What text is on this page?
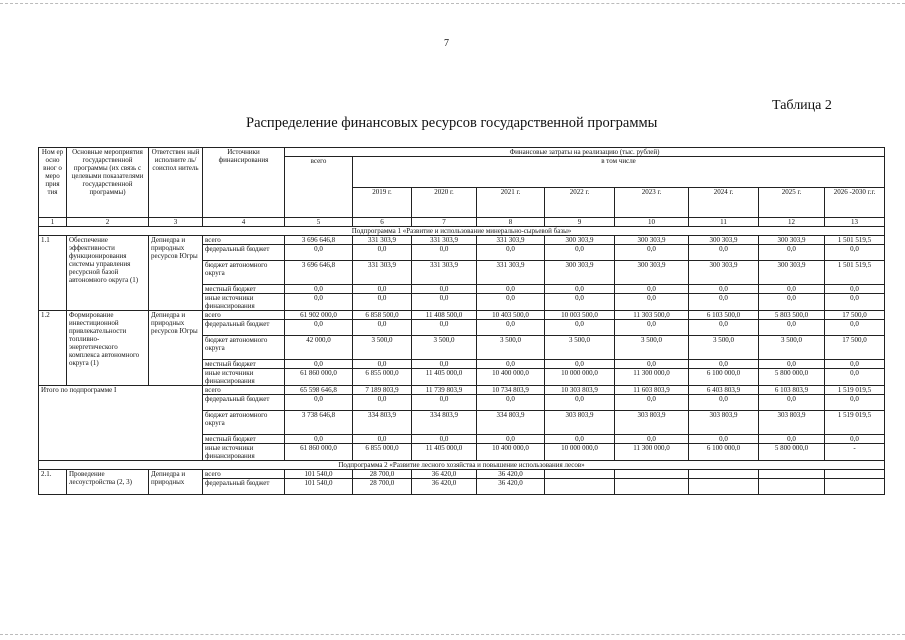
7
Таблица 2
Распределение финансовых ресурсов государственной программы
Ном ер осно вног о меро прия тия	Основные мероприятия государственной программы (их связь с целевыми показателями государственной программы)	Ответствен ный исполните ль/соиспол нитель	Источники финансирования	Финансовые затраты на реализацию (тыс. рублей)								
				всего	в том числе							
					2019 г.	2020 г.	2021 г.	2022 г.	2023 г.	2024 г.	2025 г.	2026 -2030 г.г.
1	2	3	4	5	6	7	8	9	10	11	12	13
Подпрограмма 1 «Развитие и использование минерально-сырьевой базы»												
1.1	Обеспечение эффективности функционирования системы управления ресурсной базой автономного округа (1)	Депнедра и природных ресурсов Югры	всего	3 696 646,8	331 303,9	331 303,9	331 303,9	300 303,9	300 303,9	300 303,9	300 303,9	1 501 519,5
			федеральный бюджет	0,0	0,0	0,0	0,0	0,0	0,0	0,0	0,0	0,0
			бюджет автономного округа	3 696 646,8	331 303,9	331 303,9	331 303,9	300 303,9	300 303,9	300 303,9	300 303,9	1 501 519,5
			местный бюджет	0,0	0,0	0,0	0,0	0,0	0,0	0,0	0,0	0,0
			иные источники финансирования	0,0	0,0	0,0	0,0	0,0	0,0	0,0	0,0	0,0
1.2	Формирование инвестиционной привлекательности топливно-энергетического комплекса автономного округа (1)	Депнедра и природных ресурсов Югры	всего	61 902 000,0	6 858 500,0	11 408 500,0	10 403 500,0	10 003 500,0	11 303 500,0	6 103 500,0	5 803 500,0	17 500,0
			федеральный бюджет	0,0	0,0	0,0	0,0	0,0	0,0	0,0	0,0	0,0
			бюджет автономного округа	42 000,0	3 500,0	3 500,0	3 500,0	3 500,0	3 500,0	3 500,0	3 500,0	17 500,0
			местный бюджет	0,0	0,0	0,0	0,0	0,0	0,0	0,0	0,0	0,0
			иные источники финансирования	61 860 000,0	6 855 000,0	11 405 000,0	10 400 000,0	10 000 000,0	11 300 000,0	6 100 000,0	5 800 000,0	0,0
Итого по подпрограмме I			всего	65 598 646,8	7 189 803,9	11 739 803,9	10 734 803,9	10 303 803,9	11 603 803,9	6 403 803,9	6 103 803,9	1 519 019,5
			федеральный бюджет	0,0	0,0	0,0	0,0	0,0	0,0	0,0	0,0	0,0
			бюджет автономного округа	3 738 646,8	334 803,9	334 803,9	334 803,9	303 803,9	303 803,9	303 803,9	303 803,9	1 519 019,5
			местный бюджет	0,0	0,0	0,0	0,0	0,0	0,0	0,0	0,0	0,0
			иные источники финансирования	61 860 000,0	6 855 000,0	11 405 000,0	10 400 000,0	10 000 000,0	11 300 000,0	6 100 000,0	5 800 000,0	-
Подпрограмма 2 «Развитие лесного хозяйства и повышение использования лесов»												
2.1.	Проведение лесоустройства (2, 3)	Депнедра и природных	всего	101 540,0	28 700,0	36 420,0	36 420,0					
			федеральный бюджет	101 540,0	28 700,0	36 420,0	36 420,0					
